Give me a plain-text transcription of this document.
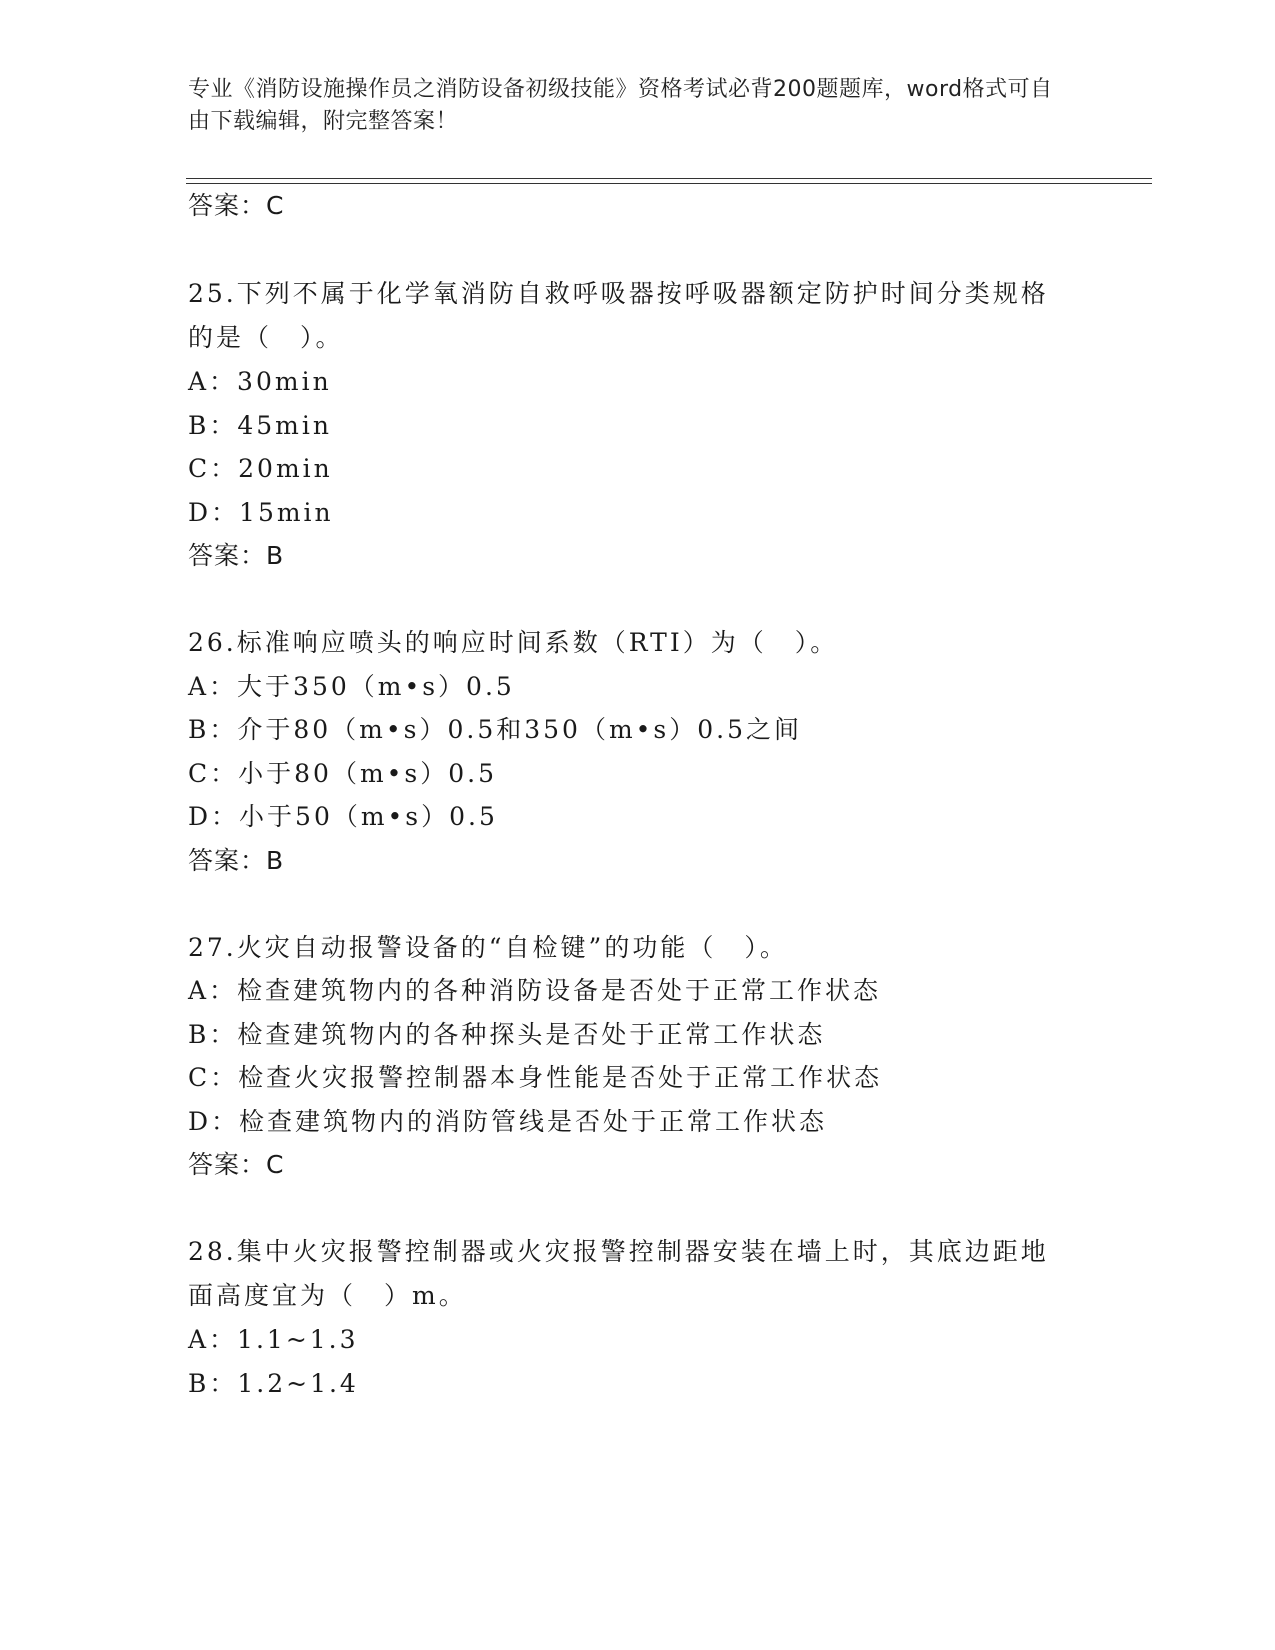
专业《消防设施操作员之消防设备初级技能》资格考试必背200题题库，word格式可自由下载编辑，附完整答案！
答案：C
25.下列不属于化学氧消防自救呼吸器按呼吸器额定防护时间分类规格
的是（　）。
A：30min
B：45min
C：20min
D：15min
答案：B
26.标准响应喷头的响应时间系数（RTI）为（　）。
A：大于350（m•s）0.5
B：介于80（m•s）0.5和350（m•s）0.5之间
C：小于80（m•s）0.5
D：小于50（m•s）0.5
答案：B
27.火灾自动报警设备的“自检键”的功能（　）。
A：检查建筑物内的各种消防设备是否处于正常工作状态
B：检查建筑物内的各种探头是否处于正常工作状态
C：检查火灾报警控制器本身性能是否处于正常工作状态
D：检查建筑物内的消防管线是否处于正常工作状态
答案：C
28.集中火灾报警控制器或火灾报警控制器安装在墙上时，其底边距地
面高度宜为（　）m。
A：1.1~1.3
B：1.2~1.4
